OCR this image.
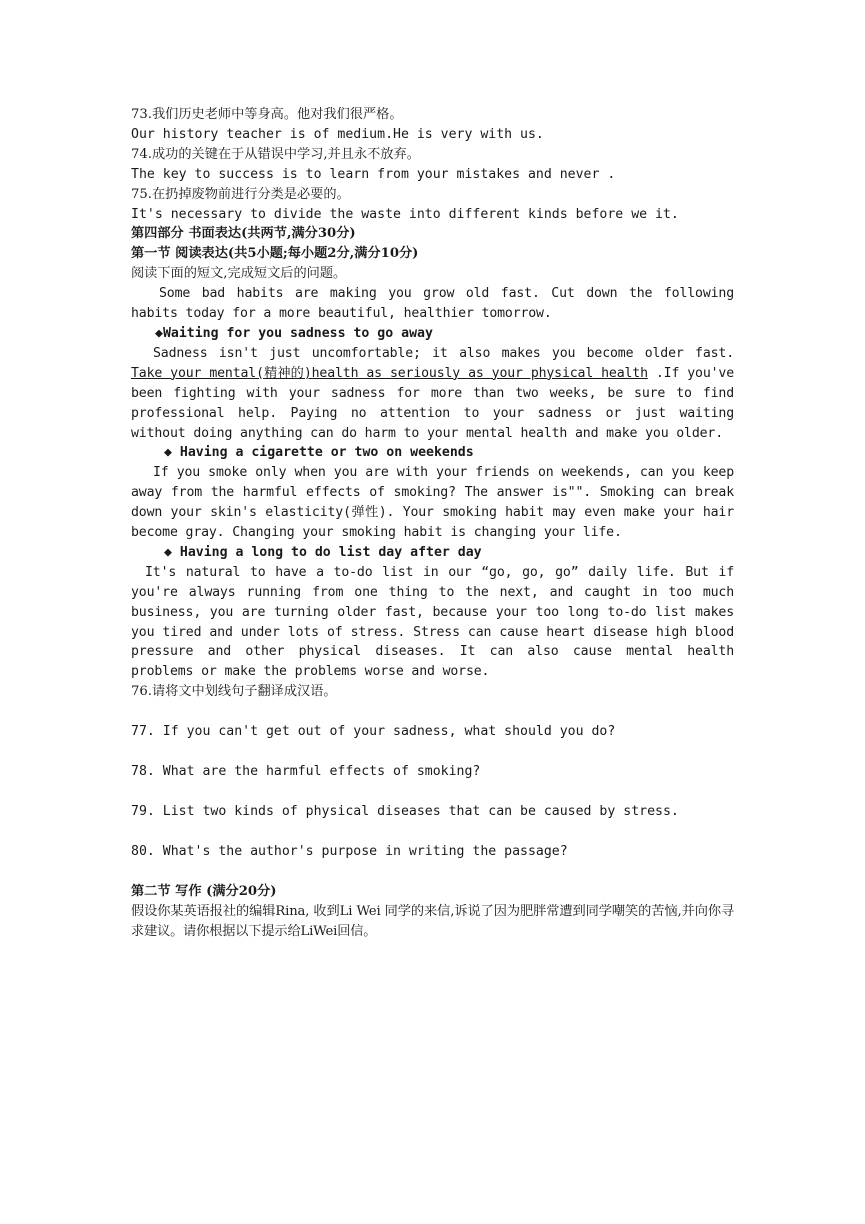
73.我们历史老师中等身高。他对我们很严格。
Our history teacher is of medium.He is very with us.
74.成功的关键在于从错误中学习,并且永不放弃。
The key to success is to learn from your mistakes and never .
75.在扔掉废物前进行分类是必要的。
It's necessary to divide the waste into different kinds before we it.
第四部分 书面表达(共两节,满分30分)
第一节 阅读表达(共5小题;每小题2分,满分10分)
阅读下面的短文,完成短文后的问题。

Some bad habits are making you grow old fast. Cut down the following habits today for a more beautiful, healthier tomorrow.

◆Waiting for you sadness to go away

Sadness isn't just uncomfortable; it also makes you become older fast. Take your mental(精神的)health as seriously as your physical health .If you've been fighting with your sadness for more than two weeks, be sure to find professional help. Paying no attention to your sadness or just waiting without doing anything can do harm to your mental health and make you older.

◆ Having a cigarette or two on weekends

If you smoke only when you are with your friends on weekends, can you keep away from the harmful effects of smoking? The answer is"". Smoking can break down your skin's elasticity(弹性). Your smoking habit may even make your hair become gray. Changing your smoking habit is changing your life.

◆ Having a long to do list day after day

It's natural to have a to-do list in our “go, go, go” daily life. But if you're always running from one thing to the next, and caught in too much business, you are turning older fast, because your too long to-do list makes you tired and under lots of stress. Stress can cause heart disease high blood pressure and other physical diseases. It can also cause mental health problems or make the problems worse and worse.

76.请将文中划线句子翻译成汉语。
77. If you can't get out of your sadness, what should you do?
78. What are the harmful effects of smoking?
79. List two kinds of physical diseases that can be caused by stress.
80. What's the author's purpose in writing the passage?
第二节 写作 (满分20分)

假设你某英语报社的编辑Rina, 收到Li Wei 同学的来信,诉说了因为肥胖常遭到同学嘲笑的苦恼,并向你寻求建议。请你根据以下提示给LiWei回信。
